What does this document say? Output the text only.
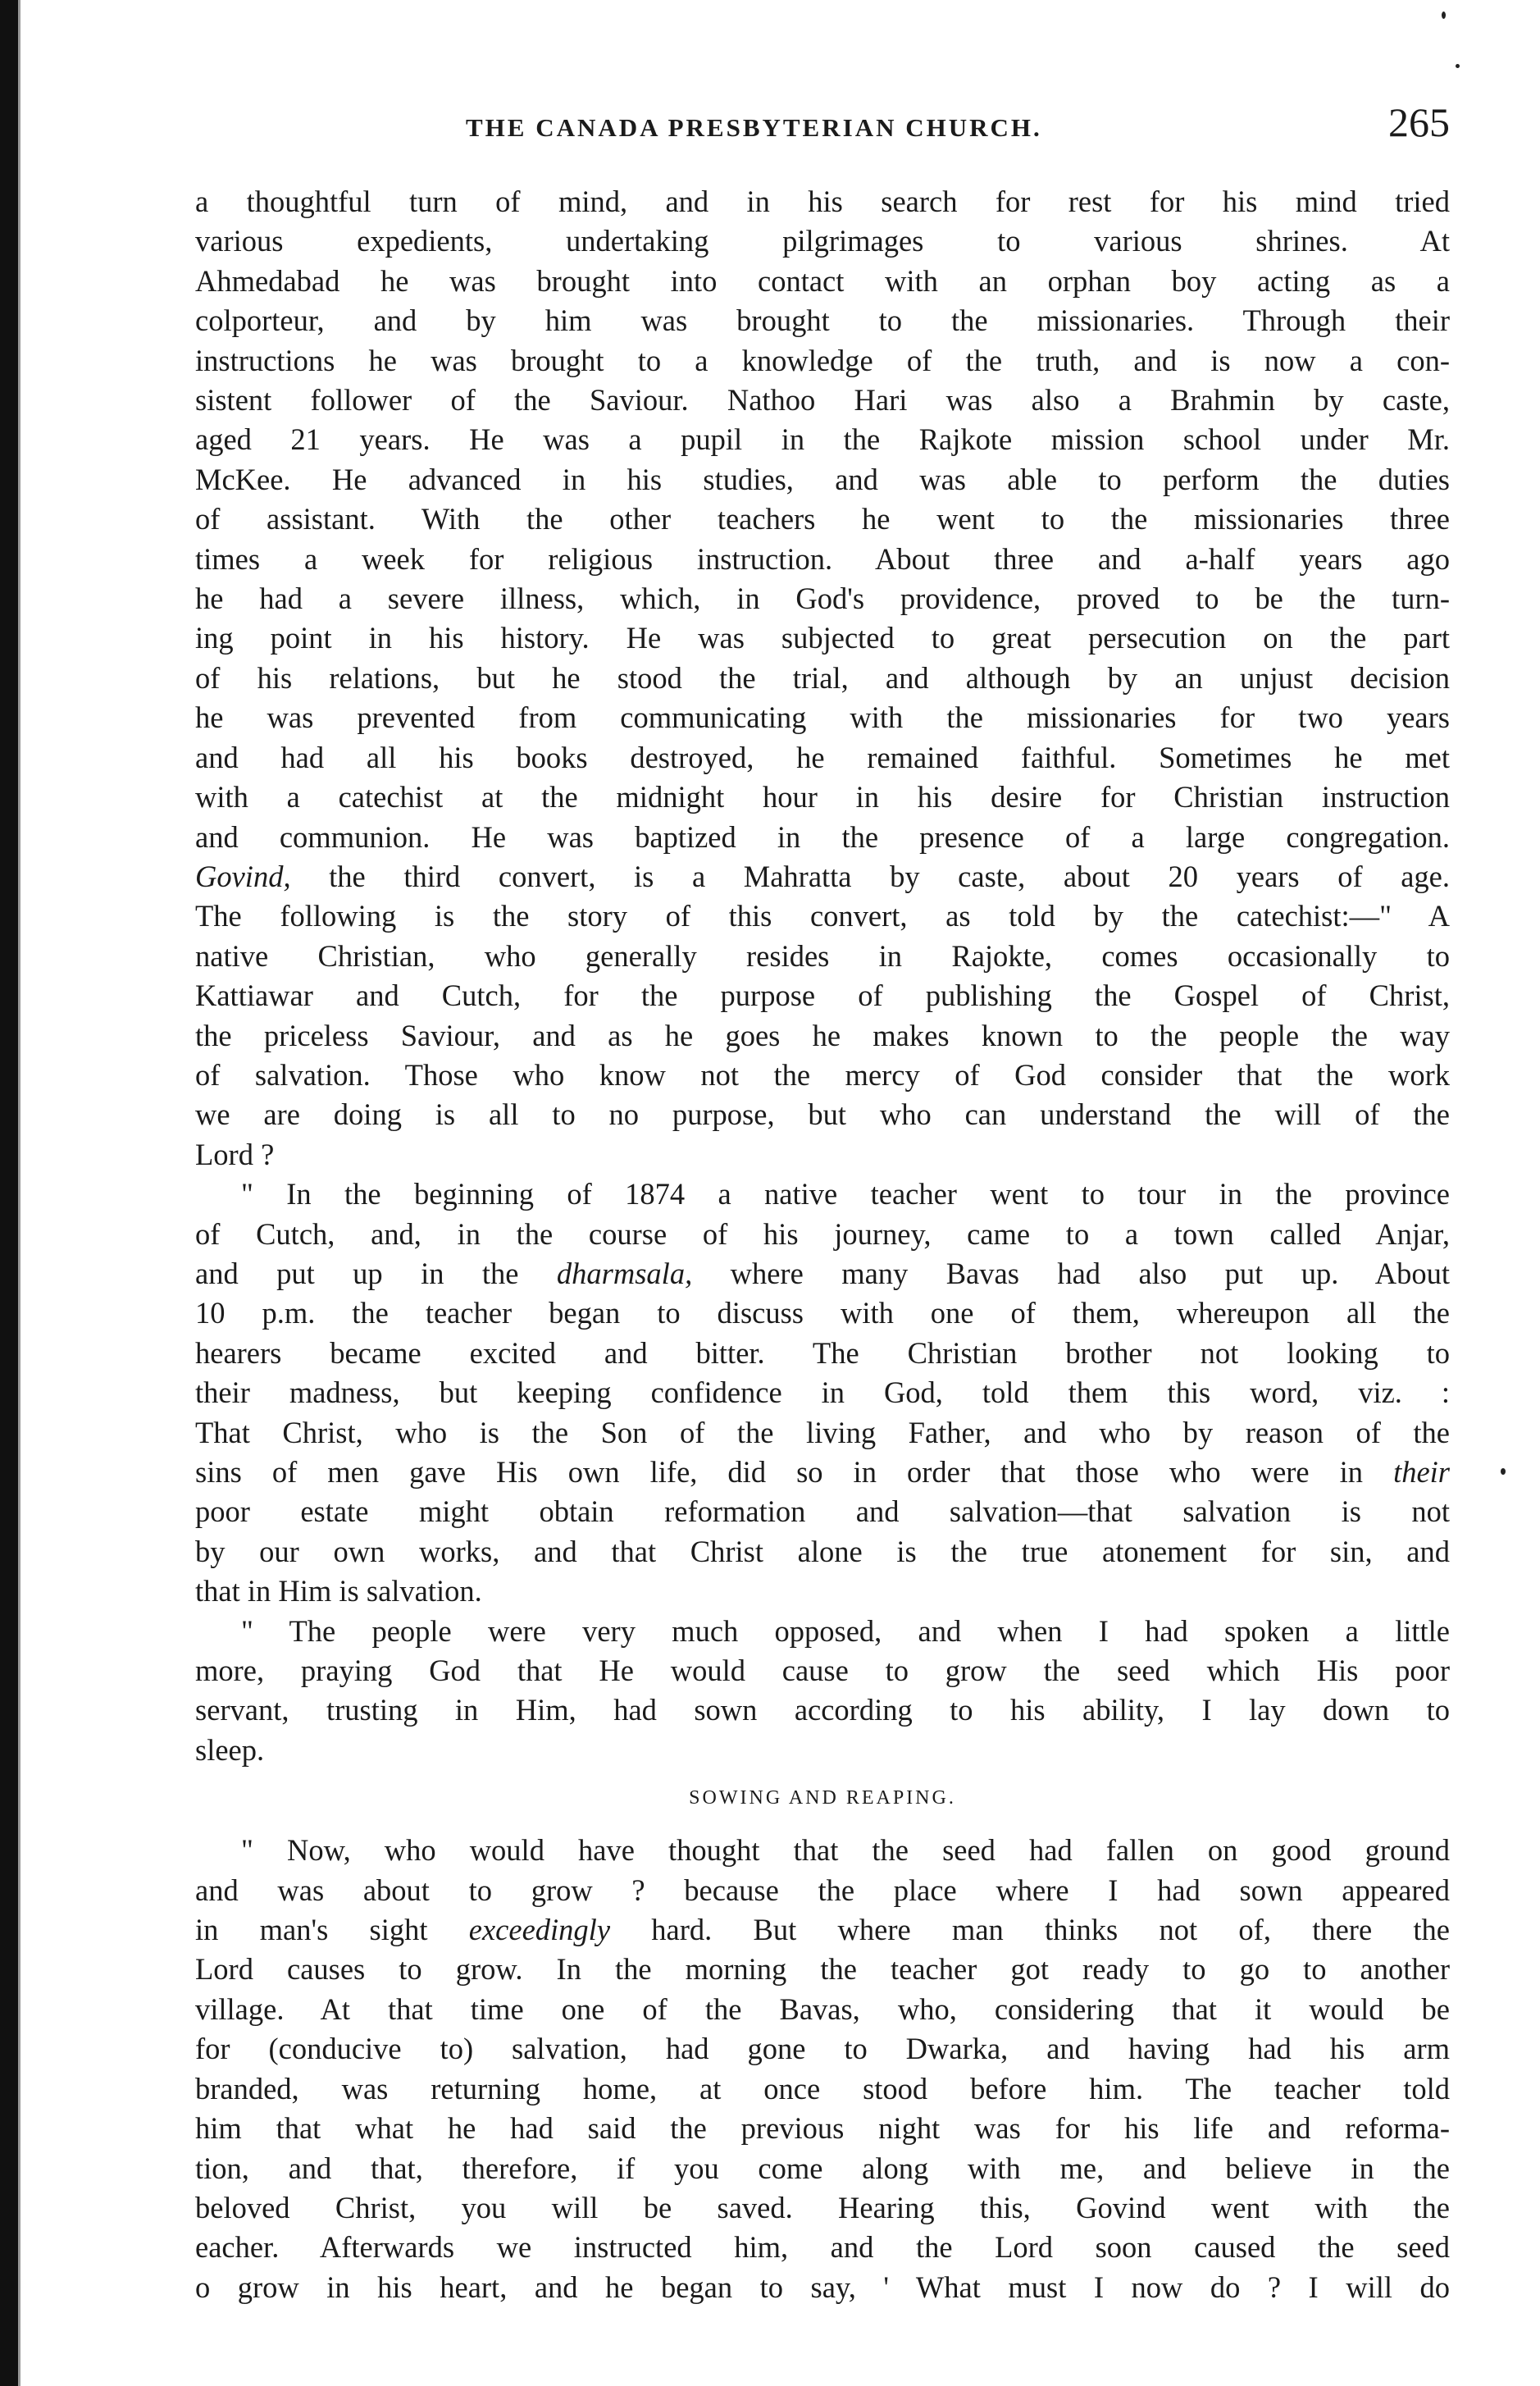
THE CANADA PRESBYTERIAN CHURCH.	265

a thoughtful turn of mind, and in his search for rest for his mind tried
various expedients, undertaking pilgrimages to various shrines. At
Ahmedabad he was brought into contact with an orphan boy acting as a
colporteur, and by him was brought to the missionaries. Through their
instructions he was brought to a knowledge of the truth, and is now a con-
sistent follower of the Saviour. Nathoo Hari was also a Brahmin by caste,
aged 21 years. He was a pupil in the Rajkote mission school under Mr.
McKee. He advanced in his studies, and was able to perform the duties
of assistant. With the other teachers he went to the missionaries three
times a week for religious instruction. About three and a-half years ago
he had a severe illness, which, in God's providence, proved to be the turn-
ing point in his history. He was subjected to great persecution on the part
of his relations, but he stood the trial, and although by an unjust decision
he was prevented from communicating with the missionaries for two years
and had all his books destroyed, he remained faithful. Sometimes he met
with a catechist at the midnight hour in his desire for Christian instruction
and communion. He was baptized in the presence of a large congregation.
Govind, the third convert, is a Mahratta by caste, about 20 years of age.
The following is the story of this convert, as told by the catechist:—" A
native Christian, who generally resides in Rajokte, comes occasionally to
Kattiawar and Cutch, for the purpose of publishing the Gospel of Christ,
the priceless Saviour, and as he goes he makes known to the people the way
of salvation. Those who know not the mercy of God consider that the work
we are doing is all to no purpose, but who can understand the will of the
Lord ?

" In the beginning of 1874 a native teacher went to tour in the province
of Cutch, and, in the course of his journey, came to a town called Anjar,
and put up in the dharmsala, where many Bavas had also put up. About
10 p.m. the teacher began to discuss with one of them, whereupon all the
hearers became excited and bitter. The Christian brother not looking to
their madness, but keeping confidence in God, told them this word, viz. :
That Christ, who is the Son of the living Father, and who by reason of the
sins of men gave His own life, did so in order that those who were in their
poor estate might obtain reformation and salvation—that salvation is not
by our own works, and that Christ alone is the true atonement for sin, and
that in Him is salvation.

" The people were very much opposed, and when I had spoken a little
more, praying God that He would cause to grow the seed which His poor
servant, trusting in Him, had sown according to his ability, I lay down to
sleep.

SOWING AND REAPING.

" Now, who would have thought that the seed had fallen on good ground
and was about to grow ? because the place where I had sown appeared
in man's sight exceedingly hard. But where man thinks not of, there the
Lord causes to grow. In the morning the teacher got ready to go to another
village. At that time one of the Bavas, who, considering that it would be
for (conducive to) salvation, had gone to Dwarka, and having had his arm
branded, was returning home, at once stood before him. The teacher told
him that what he had said the previous night was for his life and reforma-
tion, and that, therefore, if you come along with me, and believe in the
beloved Christ, you will be saved. Hearing this, Govind went with the
eacher. Afterwards we instructed him, and the Lord soon caused the seed
o grow in his heart, and he began to say, ' What must I now do ? I will do
